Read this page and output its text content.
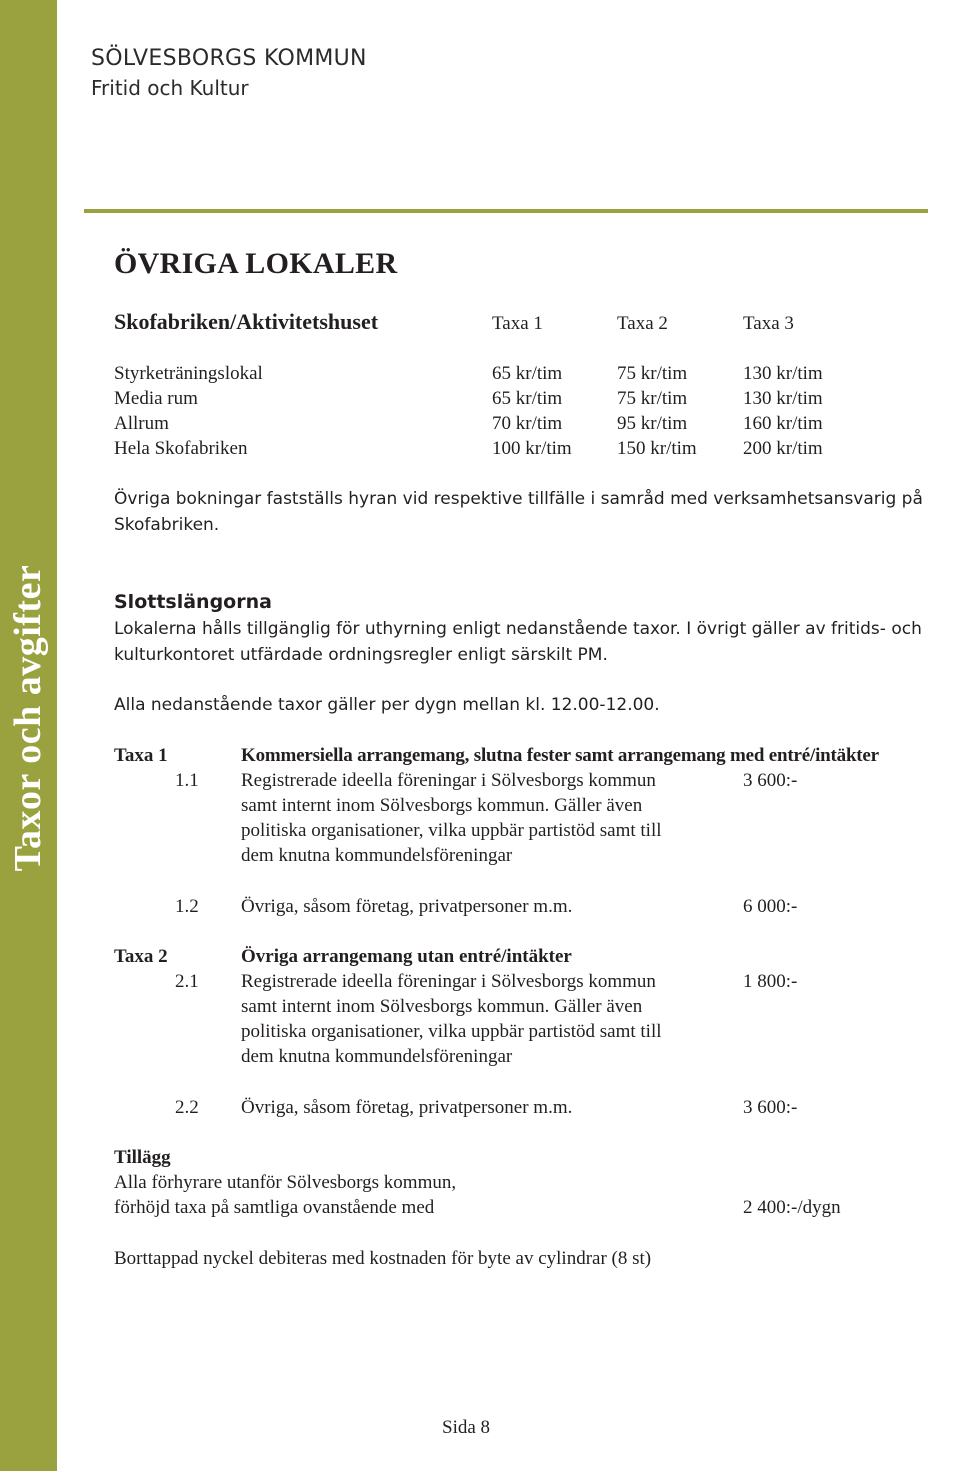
Taxor och avgifter
SÖLVESBORGS KOMMUN
Fritid och Kultur
ÖVRIGA LOKALER
Skofabriken/Aktivitetshuset	Taxa 1	Taxa 2	Taxa 3
Styrketräningslokal	65 kr/tim	75 kr/tim	130 kr/tim
Media rum	65 kr/tim	75 kr/tim	130 kr/tim
Allrum	70 kr/tim	95 kr/tim	160 kr/tim
Hela Skofabriken	100 kr/tim 150 kr/tim 200 kr/tim
Övriga bokningar fastställs hyran vid respektive tillfälle i samråd med verksamhetsansvarig på
Skofabriken.
Slottslängorna
Lokalerna hålls tillgänglig för uthyrning enligt nedanstående taxor. I övrigt gäller av fritids- och
kulturkontoret utfärdade ordningsregler enligt särskilt PM.
Alla nedanstående taxor gäller per dygn mellan kl. 12.00-12.00.
Taxa 1	Kommersiella arrangemang, slutna fester samt arrangemang med entré/intäkter
1.1 Registrerade ideella föreningar i Sölvesborgs kommun
samt internt inom Sölvesborgs kommun. Gäller även
politiska organisationer, vilka uppbär partistöd samt till
dem knutna kommundelsföreningar
3 600:-
1.2 Övriga, såsom företag, privatpersoner m.m.	6 000:-
Taxa 2	Övriga arrangemang utan entré/intäkter
2.1 Registrerade ideella föreningar i Sölvesborgs kommun
samt internt inom Sölvesborgs kommun. Gäller även
politiska organisationer, vilka uppbär partistöd samt till
dem knutna kommundelsföreningar
1 800:-
2.2 Övriga, såsom företag, privatpersoner m.m.	3 600:-
Tillägg
Alla förhyrare utanför Sölvesborgs kommun,
förhöjd taxa på samtliga ovanstående med	2 400:-/dygn
Borttappad nyckel debiteras med kostnaden för byte av cylindrar (8 st)
Sida 8
